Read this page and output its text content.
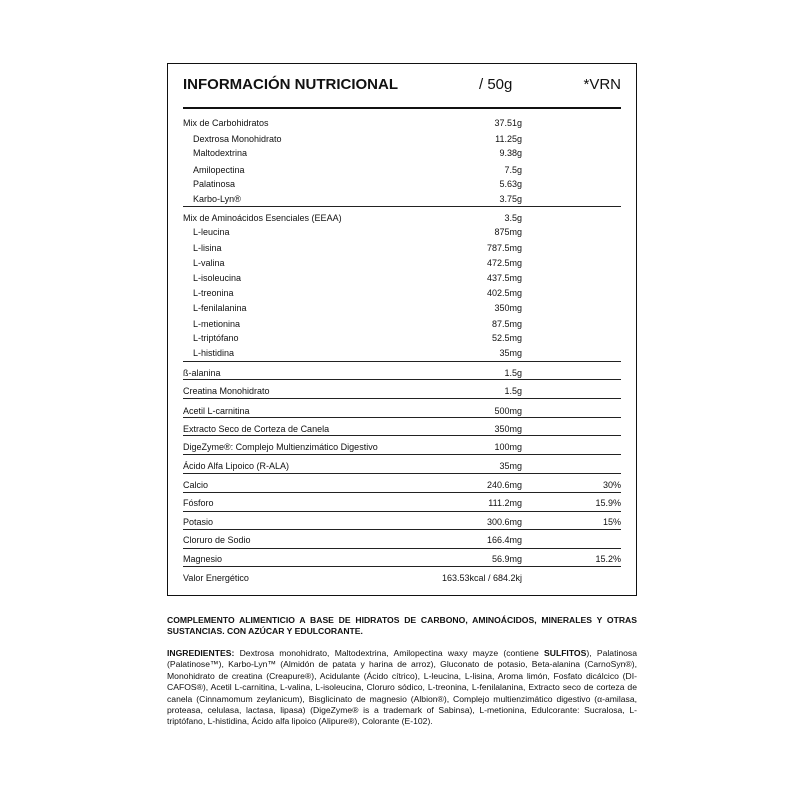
INFORMACIÓN NUTRICIONAL	/ 50g	*VRN
Mix de Carbohidratos	37.51g
Dextrosa Monohidrato	11.25g
Maltodextrina	9.38g
Amilopectina	7.5g
Palatinosa	5.63g
Karbo-Lyn®	3.75g
Mix de Aminoácidos Esenciales (EEAA)	3.5g
L-leucina	875mg
L-lisina	787.5mg
L-valina	472.5mg
L-isoleucina	437.5mg
L-treonina	402.5mg
L-fenilalanina	350mg
L-metionina	87.5mg
L-triptófano	52.5mg
L-histidina	35mg
ß-alanina	1.5g
Creatina Monohidrato	1.5g
Acetil L-carnitina	500mg
Extracto Seco de Corteza de Canela	350mg
DigeZyme®: Complejo Multienzimático Digestivo	100mg
Ácido Alfa Lipoico (R-ALA)	35mg
Calcio	240.6mg	30%
Fósforo	111.2mg	15.9%
Potasio	300.6mg	15%
Cloruro de Sodio	166.4mg
Magnesio	56.9mg	15.2%
Valor Energético	163.53kcal / 684.2kj
COMPLEMENTO ALIMENTICIO A BASE DE HIDRATOS DE CARBONO, AMINOÁCIDOS, MINERALES Y OTRAS SUSTANCIAS. CON AZÚCAR Y EDULCORANTE.
INGREDIENTES: Dextrosa monohidrato, Maltodextrina, Amilopectina waxy mayze (contiene SULFITOS), Palatinosa (Palatinose™), Karbo-Lyn™ (Almidón de patata y harina de arroz), Gluconato de potasio, Beta-alanina (CarnoSyn®), Monohidrato de creatina (Creapure®), Acidulante (Ácido cítrico), L-leucina, L-lisina, Aroma limón, Fosfato dicálcico (DI-CAFOS®), Acetil L-carnitina, L-valina, L-isoleucina, Cloruro sódico, L-treonina, L-fenilalanina, Extracto seco de corteza de canela (Cinnamomum zeylanicum), Bisglicinato de magnesio (Albion®), Complejo multienzimático digestivo (α-amilasa, proteasa, celulasa, lactasa, lipasa) (DigeZyme® is a trademark of Sabinsa), L-metionina, Edulcorante: Sucralosa, L-triptófano, L-histidina, Ácido alfa lipoico (Alipure®), Colorante (E-102).
